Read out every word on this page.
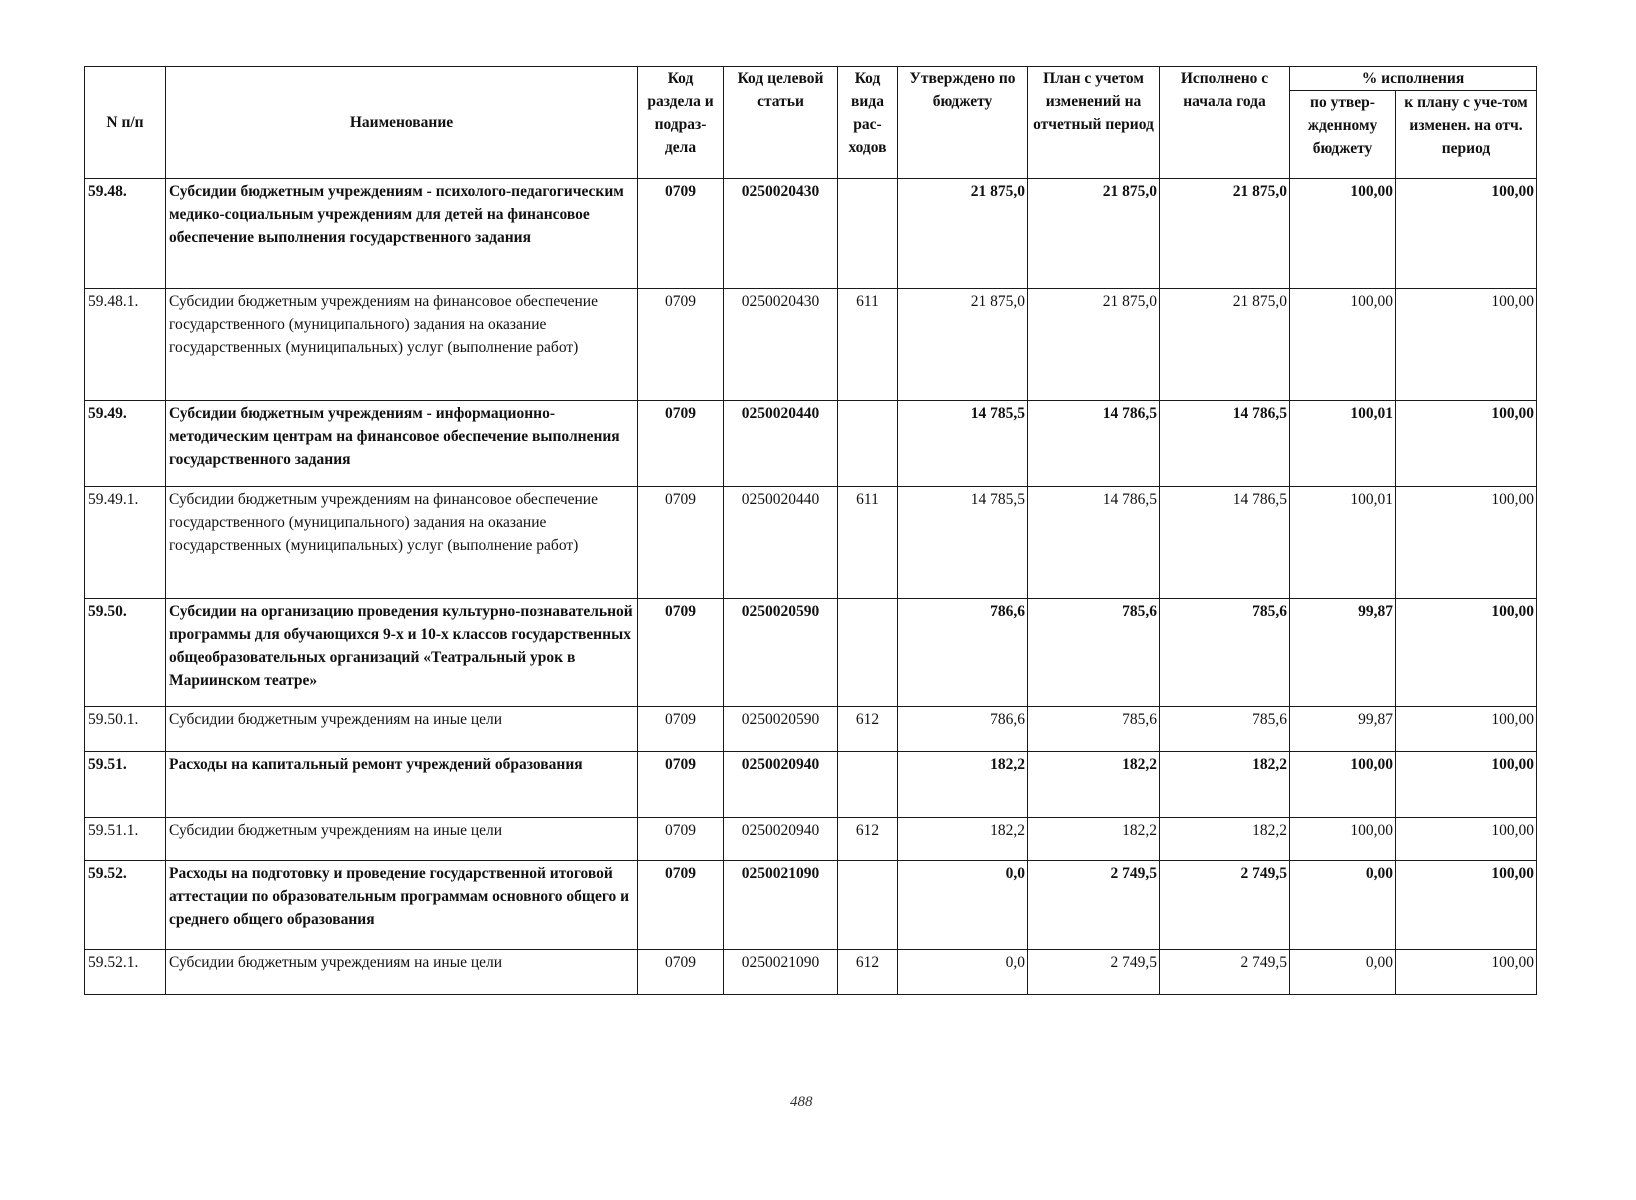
N п/п	Наименование	Код раздела и подраз-дела	Код целевой статьи	Код вида рас-ходов	Утверждено по бюджету	План с учетом изменений на отчетный период	Исполнено с начала года	% исполнения	
								по утвер-жденному бюджету	к плану с уче-том изменен. на отч. период
59.48.	Субсидии бюджетным учреждениям - психолого-педагогическим медико-социальным учреждениям для детей на финансовое обеспечение выполнения государственного задания	0709	0250020430		21 875,0	21 875,0	21 875,0	100,00	100,00
59.48.1.	Субсидии бюджетным учреждениям на финансовое обеспечение государственного (муниципального) задания на оказание государственных (муниципальных) услуг (выполнение работ)	0709	0250020430	611	21 875,0	21 875,0	21 875,0	100,00	100,00
59.49.	Субсидии бюджетным учреждениям - информационно-методическим центрам на финансовое обеспечение выполнения государственного задания	0709	0250020440		14 785,5	14 786,5	14 786,5	100,01	100,00
59.49.1.	Субсидии бюджетным учреждениям на финансовое обеспечение государственного (муниципального) задания на оказание государственных (муниципальных) услуг (выполнение работ)	0709	0250020440	611	14 785,5	14 786,5	14 786,5	100,01	100,00
59.50.	Субсидии на организацию проведения культурно-познавательной программы для обучающихся 9-х и 10-х классов государственных общеобразовательных организаций «Театральный урок в Мариинском театре»	0709	0250020590		786,6	785,6	785,6	99,87	100,00
59.50.1.	Субсидии бюджетным учреждениям на иные цели	0709	0250020590	612	786,6	785,6	785,6	99,87	100,00
59.51.	Расходы на капитальный ремонт учреждений образования	0709	0250020940		182,2	182,2	182,2	100,00	100,00
59.51.1.	Субсидии бюджетным учреждениям на иные цели	0709	0250020940	612	182,2	182,2	182,2	100,00	100,00
59.52.	Расходы на подготовку и проведение государственной итоговой аттестации по образовательным программам основного общего и среднего общего образования	0709	0250021090		0,0	2 749,5	2 749,5	0,00	100,00
59.52.1.	Субсидии бюджетным учреждениям на иные цели	0709	0250021090	612	0,0	2 749,5	2 749,5	0,00	100,00
488
